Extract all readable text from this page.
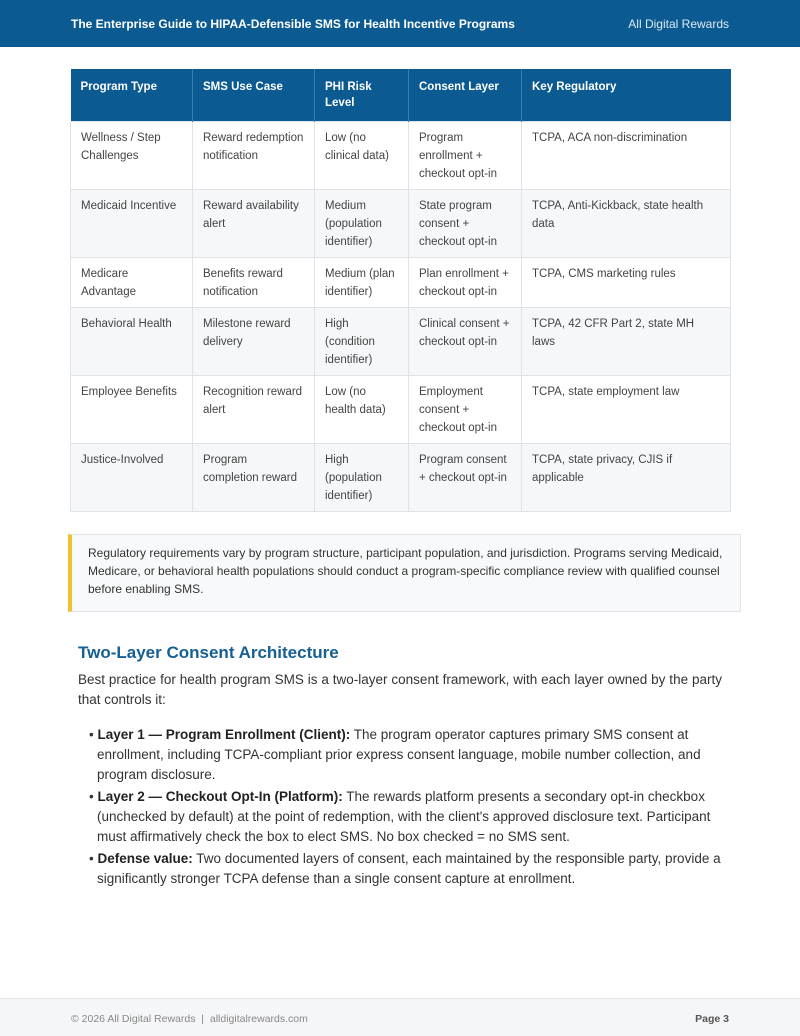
The Enterprise Guide to HIPAA-Defensible SMS for Health Incentive Programs	All Digital Rewards
Program Type	SMS Use Case	PHI Risk Level	Consent Layer	Key Regulatory
Wellness / Step Challenges	Reward redemption notification	Low (no clinical data)	Program enrollment + checkout opt-in	TCPA, ACA non-discrimination
Medicaid Incentive	Reward availability alert	Medium (population identifier)	State program consent + checkout opt-in	TCPA, Anti-Kickback, state health data
Medicare Advantage	Benefits reward notification	Medium (plan identifier)	Plan enrollment + checkout opt-in	TCPA, CMS marketing rules
Behavioral Health	Milestone reward delivery	High (condition identifier)	Clinical consent + checkout opt-in	TCPA, 42 CFR Part 2, state MH laws
Employee Benefits	Recognition reward alert	Low (no health data)	Employment consent + checkout opt-in	TCPA, state employment law
Justice-Involved	Program completion reward	High (population identifier)	Program consent + checkout opt-in	TCPA, state privacy, CJIS if applicable
Regulatory requirements vary by program structure, participant population, and jurisdiction. Programs serving Medicaid, Medicare, or behavioral health populations should conduct a program-specific compliance review with qualified counsel before enabling SMS.
Two-Layer Consent Architecture

Best practice for health program SMS is a two-layer consent framework, with each layer owned by the party that controls it:

• Layer 1 — Program Enrollment (Client): The program operator captures primary SMS consent at enrollment, including TCPA-compliant prior express consent language, mobile number collection, and program disclosure.
• Layer 2 — Checkout Opt-In (Platform): The rewards platform presents a secondary opt-in checkbox (unchecked by default) at the point of redemption, with the client's approved disclosure text. Participant must affirmatively check the box to elect SMS. No box checked = no SMS sent.
• Defense value: Two documented layers of consent, each maintained by the responsible party, provide a significantly stronger TCPA defense than a single consent capture at enrollment.
© 2026 All Digital Rewards  |  alldigitalrewards.com	Page 3
